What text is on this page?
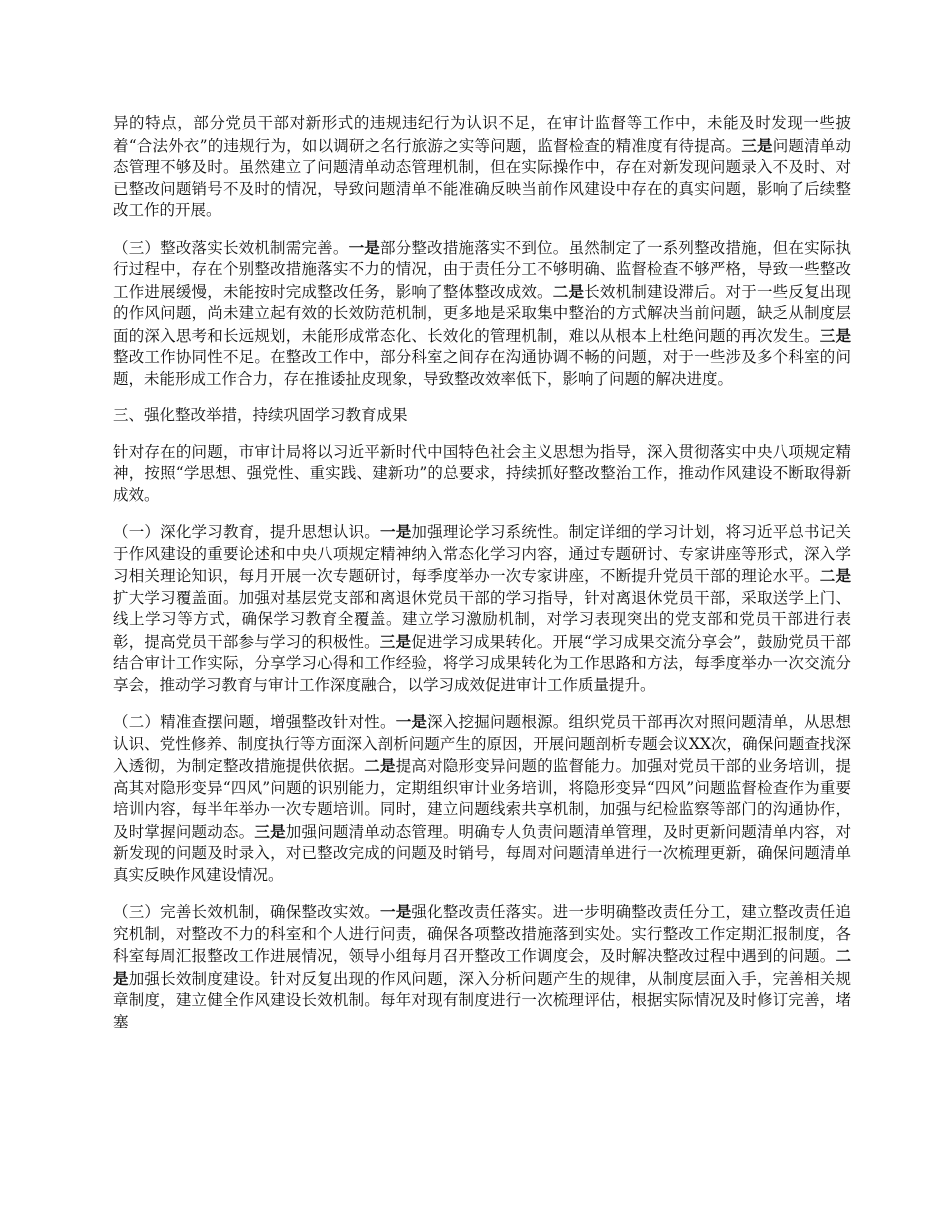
异的特点，部分党员干部对新形式的违规违纪行为认识不足，在审计监督等工作中，未能及时发现一些披着“合法外衣”的违规行为，如以调研之名行旅游之实等问题，监督检查的精准度有待提高。三是问题清单动态管理不够及时。虽然建立了问题清单动态管理机制，但在实际操作中，存在对新发现问题录入不及时、对已整改问题销号不及时的情况，导致问题清单不能准确反映当前作风建设中存在的真实问题，影响了后续整改工作的开展。

（三）整改落实长效机制需完善。一是部分整改措施落实不到位。虽然制定了一系列整改措施，但在实际执行过程中，存在个别整改措施落实不力的情况，由于责任分工不够明确、监督检查不够严格，导致一些整改工作进展缓慢，未能按时完成整改任务，影响了整体整改成效。二是长效机制建设滞后。对于一些反复出现的作风问题，尚未建立起有效的长效防范机制，更多地是采取集中整治的方式解决当前问题，缺乏从制度层面的深入思考和长远规划，未能形成常态化、长效化的管理机制，难以从根本上杜绝问题的再次发生。三是整改工作协同性不足。在整改工作中，部分科室之间存在沟通协调不畅的问题，对于一些涉及多个科室的问题，未能形成工作合力，存在推诿扯皮现象，导致整改效率低下，影响了问题的解决进度。

三、强化整改举措，持续巩固学习教育成果

针对存在的问题，市审计局将以习近平新时代中国特色社会主义思想为指导，深入贯彻落实中央八项规定精神，按照“学思想、强党性、重实践、建新功”的总要求，持续抓好整改整治工作，推动作风建设不断取得新成效。

（一）深化学习教育，提升思想认识。一是加强理论学习系统性。制定详细的学习计划，将习近平总书记关于作风建设的重要论述和中央八项规定精神纳入常态化学习内容，通过专题研讨、专家讲座等形式，深入学习相关理论知识，每月开展一次专题研讨，每季度举办一次专家讲座，不断提升党员干部的理论水平。二是扩大学习覆盖面。加强对基层党支部和离退休党员干部的学习指导，针对离退休党员干部，采取送学上门、线上学习等方式，确保学习教育全覆盖。建立学习激励机制，对学习表现突出的党支部和党员干部进行表彰，提高党员干部参与学习的积极性。三是促进学习成果转化。开展“学习成果交流分享会”，鼓励党员干部结合审计工作实际，分享学习心得和工作经验，将学习成果转化为工作思路和方法，每季度举办一次交流分享会，推动学习教育与审计工作深度融合，以学习成效促进审计工作质量提升。

（二）精准查摆问题，增强整改针对性。一是深入挖掘问题根源。组织党员干部再次对照问题清单，从思想认识、党性修养、制度执行等方面深入剖析问题产生的原因，开展问题剖析专题会议XX次，确保问题查找深入透彻，为制定整改措施提供依据。二是提高对隐形变异问题的监督能力。加强对党员干部的业务培训，提高其对隐形变异“四风”问题的识别能力，定期组织审计业务培训，将隐形变异“四风”问题监督检查作为重要培训内容，每半年举办一次专题培训。同时，建立问题线索共享机制，加强与纪检监察等部门的沟通协作，及时掌握问题动态。三是加强问题清单动态管理。明确专人负责问题清单管理，及时更新问题清单内容，对新发现的问题及时录入，对已整改完成的问题及时销号，每周对问题清单进行一次梳理更新，确保问题清单真实反映作风建设情况。

（三）完善长效机制，确保整改实效。一是强化整改责任落实。进一步明确整改责任分工，建立整改责任追究机制，对整改不力的科室和个人进行问责，确保各项整改措施落到实处。实行整改工作定期汇报制度，各科室每周汇报整改工作进展情况，领导小组每月召开整改工作调度会，及时解决整改过程中遇到的问题。二是加强长效制度建设。针对反复出现的作风问题，深入分析问题产生的规律，从制度层面入手，完善相关规章制度，建立健全作风建设长效机制。每年对现有制度进行一次梳理评估，根据实际情况及时修订完善，堵塞
